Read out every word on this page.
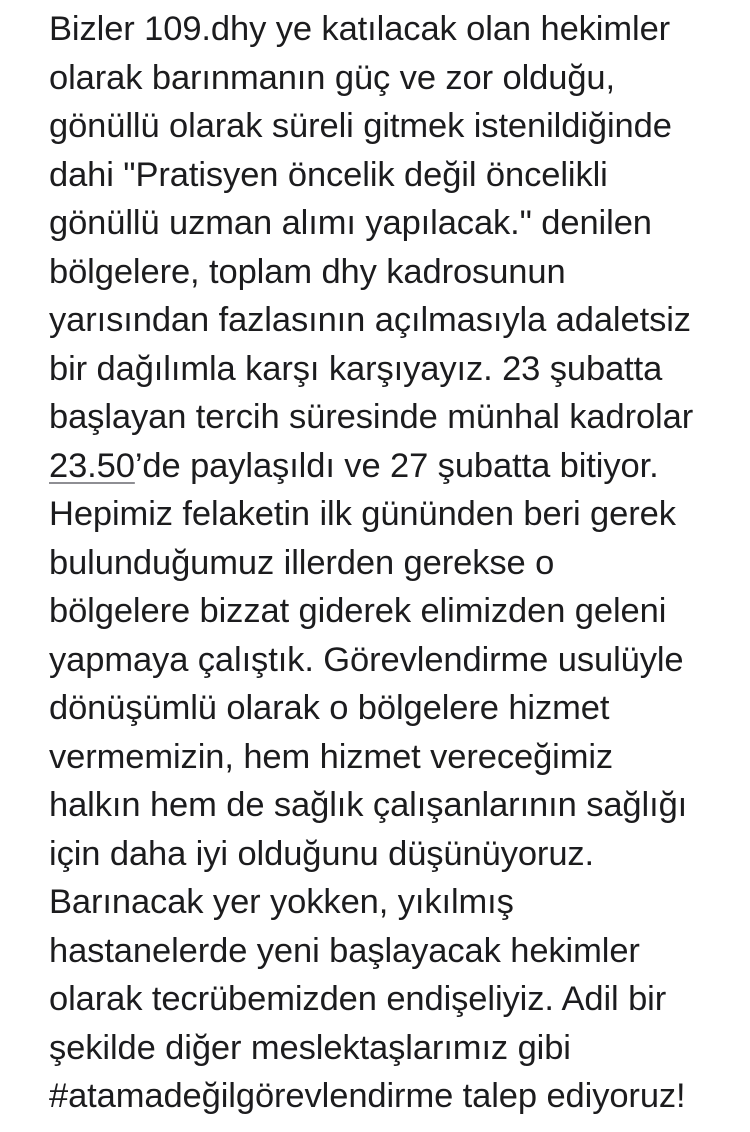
Bizler 109.dhy ye katılacak olan hekimler
olarak barınmanın güç ve zor olduğu,
gönüllü olarak süreli gitmek istenildiğinde
dahi "Pratisyen öncelik değil öncelikli
gönüllü uzman alımı yapılacak." denilen
bölgelere, toplam dhy kadrosunun
yarısından fazlasının açılmasıyla adaletsiz
bir dağılımla karşı karşıyayız. 23 şubatta
başlayan tercih süresinde münhal kadrolar
23.50’de paylaşıldı ve 27 şubatta bitiyor.
Hepimiz felaketin ilk gününden beri gerek
bulunduğumuz illerden gerekse o
bölgelere bizzat giderek elimizden geleni
yapmaya çalıştık. Görevlendirme usulüyle
dönüşümlü olarak o bölgelere hizmet
vermemizin, hem hizmet vereceğimiz
halkın hem de sağlık çalışanlarının sağlığı
için daha iyi olduğunu düşünüyoruz.
Barınacak yer yokken, yıkılmış
hastanelerde yeni başlayacak hekimler
olarak tecrübemizden endişeliyiz. Adil bir
şekilde diğer meslektaşlarımız gibi
#atamadeğilgörevlendirme talep ediyoruz!
